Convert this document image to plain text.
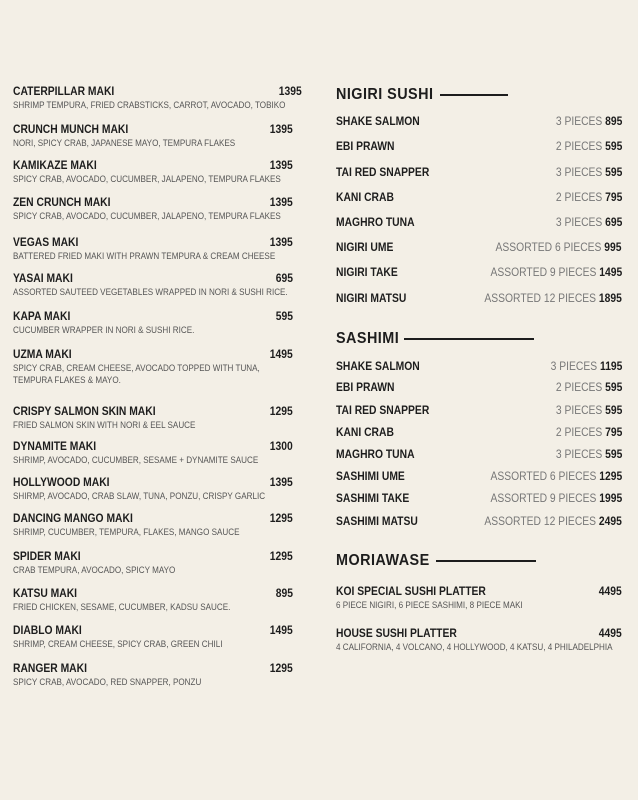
CATERPILLAR MAKI	1395
SHRIMP TEMPURA, FRIED CRABSTICKS, CARROT, AVOCADO, TOBIKO
CRUNCH MUNCH MAKI	1395
NORI, SPICY CRAB, JAPANESE MAYO, TEMPURA FLAKES
KAMIKAZE MAKI	1395
SPICY CRAB, AVOCADO, CUCUMBER, JALAPENO, TEMPURA FLAKES
ZEN CRUNCH MAKI	1395
SPICY CRAB, AVOCADO, CUCUMBER, JALAPENO, TEMPURA FLAKES
VEGAS MAKI	1395
BATTERED FRIED MAKI WITH PRAWN TEMPURA & CREAM CHEESE
YASAI MAKI	695
ASSORTED SAUTEED VEGETABLES WRAPPED IN NORI & SUSHI RICE.
KAPA MAKI	595
CUCUMBER WRAPPER IN NORI & SUSHI RICE.
UZMA MAKI	1495
SPICY CRAB, CREAM CHEESE, AVOCADO TOPPED WITH TUNA,
TEMPURA FLAKES & MAYO.
CRISPY SALMON SKIN MAKI	1295
FRIED SALMON SKIN WITH NORI & EEL SAUCE
DYNAMITE MAKI	1300
SHRIMP, AVOCADO, CUCUMBER, SESAME + DYNAMITE SAUCE
HOLLYWOOD MAKI	1395
SHIRMP, AVOCADO, CRAB SLAW, TUNA, PONZU, CRISPY GARLIC
DANCING MANGO MAKI	1295
SHRIMP, CUCUMBER, TEMPURA, FLAKES, MANGO SAUCE
SPIDER MAKI	1295
CRAB TEMPURA, AVOCADO, SPICY MAYO
KATSU MAKI	895
FRIED CHICKEN, SESAME, CUCUMBER, KADSU SAUCE.
DIABLO MAKI	1495
SHRIMP, CREAM CHEESE, SPICY CRAB, GREEN CHILI
RANGER MAKI	1295
SPICY CRAB, AVOCADO, RED SNAPPER, PONZU
NIGIRI SUSHI
SHAKE SALMON	3 PIECES 895
EBI PRAWN	2 PIECES 595
TAI RED SNAPPER	3 PIECES 595
KANI CRAB	2 PIECES 795
MAGHRO TUNA	3 PIECES 695
NIGIRI UME	ASSORTED 6 PIECES 995
NIGIRI TAKE	ASSORTED 9 PIECES 1495
NIGIRI MATSU	ASSORTED 12 PIECES 1895
SASHIMI
SHAKE SALMON	3 PIECES 1195
EBI PRAWN	2 PIECES 595
TAI RED SNAPPER	3 PIECES 595
KANI CRAB	2 PIECES 795
MAGHRO TUNA	3 PIECES 595
SASHIMI UME	ASSORTED 6 PIECES 1295
SASHIMI TAKE	ASSORTED 9 PIECES 1995
SASHIMI MATSU	ASSORTED 12 PIECES 2495
MORIAWASE
KOI SPECIAL SUSHI PLATTER	4495
6 PIECE NIGIRI, 6 PIECE SASHIMI, 8 PIECE MAKI
HOUSE SUSHI PLATTER	4495
4 CALIFORNIA, 4 VOLCANO, 4 HOLLYWOOD, 4 KATSU, 4 PHILADELPHIA
